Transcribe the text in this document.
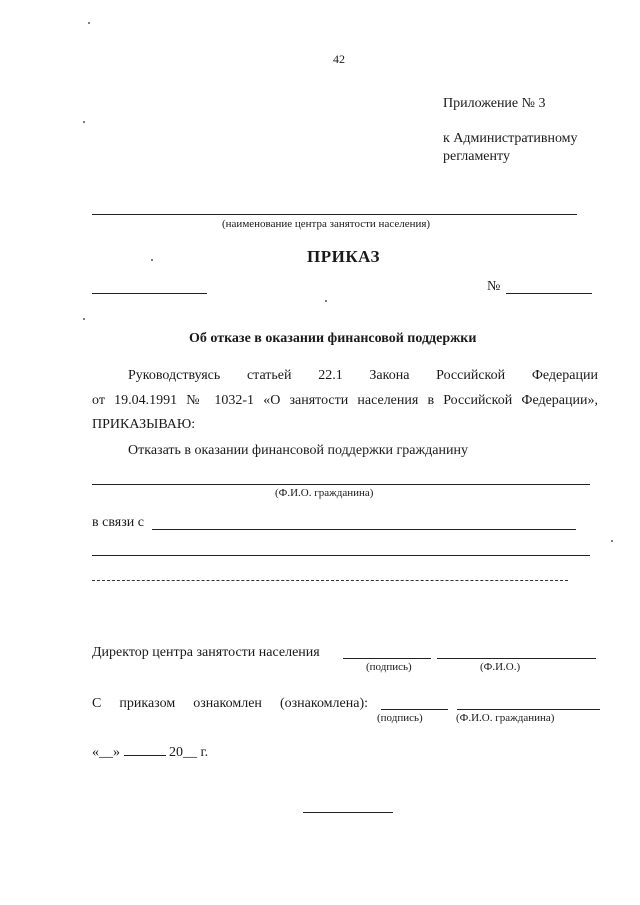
42
Приложение № 3
к Административному
регламенту
(наименование центра занятости населения)
ПРИКАЗ
№
Об отказе в оказании финансовой поддержки
Руководствуясь статьей 22.1 Закона Российской Федерации
от 19.04.1991 № 1032-1 «О занятости населения в Российской Федерации»,
ПРИКАЗЫВАЮ:
Отказать в оказании финансовой поддержки гражданину
(Ф.И.О. гражданина)
в связи с
Директор центра занятости населения
(подпись)	(Ф.И.О.)
С приказом ознакомлен (ознакомлена):
(подпись)	(Ф.И.О. гражданина)
«__»	20__ г.
